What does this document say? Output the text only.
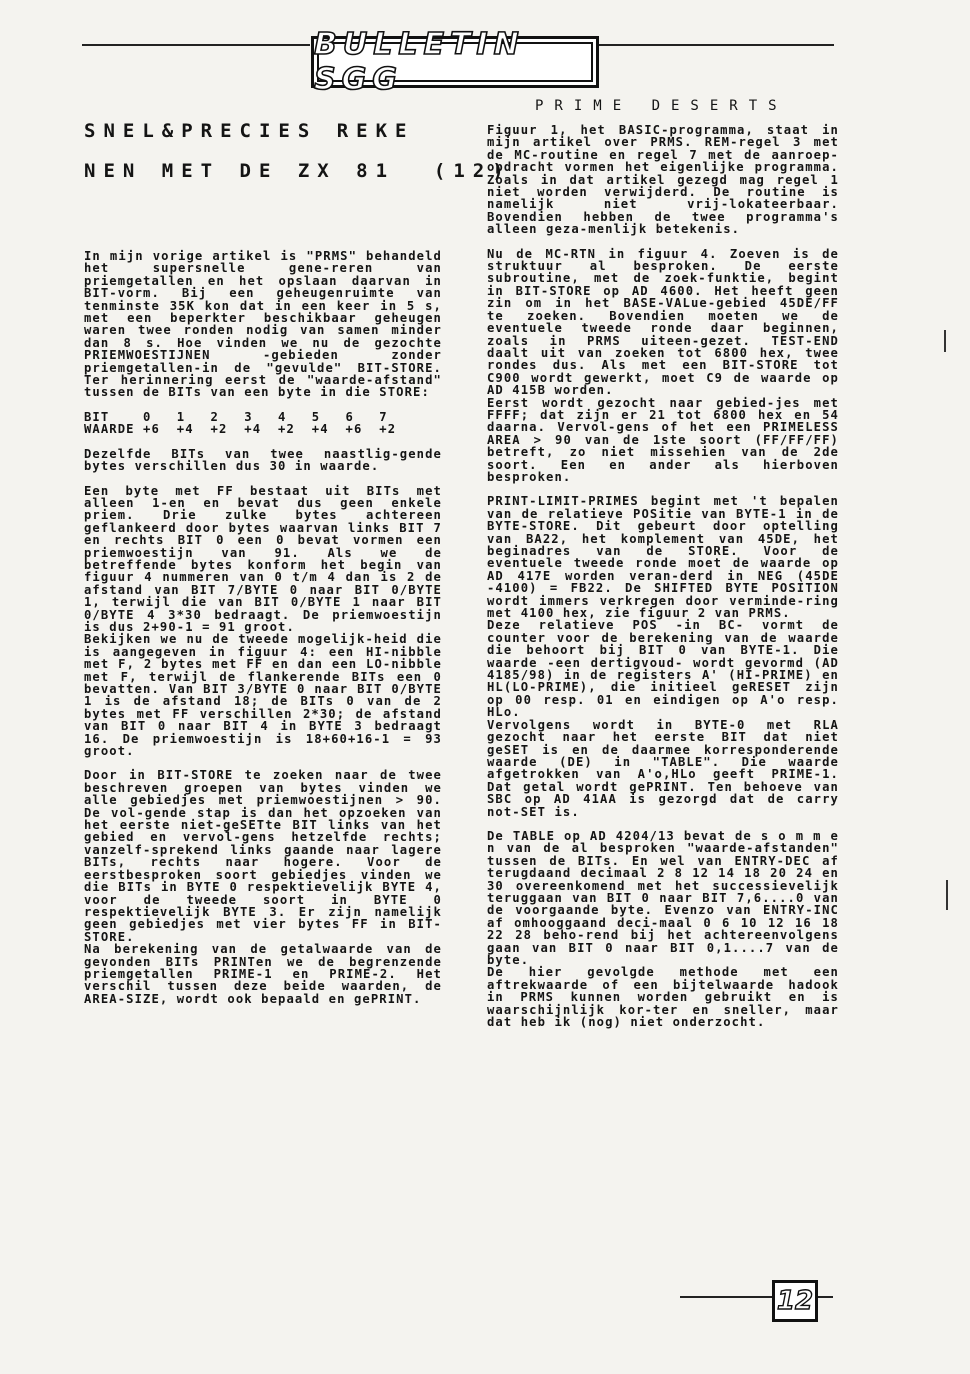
BULLETIN SGG
SNEL&PRECIES REKE
NEN MET DE ZX 81  (12)
PRIME DESERTS

In mijn vorige artikel is "PRMS" behandeld het supersnelle gene-reren van priemgetallen en het opslaan daarvan in BIT-vorm. Bij een geheugenruimte van tenminste 35K kon dat in een keer in 5 s, met een beperkter beschikbaar geheugen waren twee ronden nodig van samen minder dan 8 s. Hoe vinden we nu de gezochte PRIEMWOESTIJNEN -gebieden zonder priemgetallen-in de "gevulde" BIT-STORE. Ter herinnering eerst de "waarde-afstand" tussen de BITs van een byte in die STORE:

BIT    0   1   2   3   4   5   6   7
WAARDE +6  +4  +2  +4  +2  +4  +6  +2

Dezelfde BITs van twee naastlig-gende bytes verschillen dus 30 in waarde.

Een byte met FF bestaat uit BITs met alleen 1-en en bevat dus geen enkele priem. Drie zulke bytes achtereen geflankeerd door bytes waarvan links BIT 7 en rechts BIT 0 een 0 bevat vormen een priemwoestijn van 91. Als we de betreffende bytes konform het begin van figuur 4 nummeren van 0 t/m 4 dan is 2 de afstand van BIT 7/BYTE 0 naar BIT 0/BYTE 1, terwijl die van BIT 0/BYTE 1 naar BIT 0/BYTE 4 3*30 bedraagt. De priemwoestijn is dus 2+90-1 = 91 groot.
Bekijken we nu de tweede mogelijk-heid die is aangegeven in figuur 4: een HI-nibble met F, 2 bytes met FF en dan een LO-nibble met F, terwijl de flankerende BITs een 0 bevatten. Van BIT 3/BYTE 0 naar BIT 0/BYTE 1 is de afstand 18; de BITs 0 van de 2 bytes met FF verschillen 2*30; de afstand van BIT 0 naar BIT 4 in BYTE 3 bedraagt 16. De priemwoestijn is 18+60+16-1 = 93 groot.

Door in BIT-STORE te zoeken naar de twee beschreven groepen van bytes vinden we alle gebiedjes met priemwoestijnen > 90. De vol-gende stap is dan het opzoeken van het eerste niet-geSETte BIT links van het gebied en vervol-gens hetzelfde rechts; vanzelf-sprekend links gaande naar lagere BITs, rechts naar hogere. Voor de eerstbesproken soort gebiedjes vinden we die BITs in BYTE 0 respektievelijk BYTE 4, voor de tweede soort in BYTE 0 respektievelijk BYTE 3. Er zijn namelijk geen gebiedjes met vier bytes FF in BIT-STORE.
Na berekening van de getalwaarde van de gevonden BITs PRINTen we de begrenzende priemgetallen PRIME-1 en PRIME-2. Het verschil tussen deze beide waarden, de AREA-SIZE, wordt ook bepaald en gePRINT.

Figuur 1, het BASIC-programma, staat in mijn artikel over PRMS. REM-regel 3 met de MC-routine en regel 7 met de aanroep-opdracht vormen het eigenlijke programma. Zoals in dat artikel gezegd mag regel 1 niet worden verwijderd. De routine is namelijk niet vrij-lokateerbaar. Bovendien hebben de twee programma's alleen geza-menlijk betekenis.

Nu de MC-RTN in figuur 4. Zoeven is de struktuur al besproken. De eerste subroutine, met de zoek-funktie, begint in BIT-STORE op AD 4600. Het heeft geen zin om in het BASE-VALue-gebied 45DE/FF te zoeken. Bovendien moeten we de eventuele tweede ronde daar beginnen, zoals in PRMS uiteen-gezet. TEST-END daalt uit van zoeken tot 6800 hex, twee rondes dus. Als met een BIT-STORE tot C900 wordt gewerkt, moet C9 de waarde op AD 415B worden.
Eerst wordt gezocht naar gebied-jes met FFFF; dat zijn er 21 tot 6800 hex en 54 daarna. Vervol-gens of het een PRIMELESS AREA > 90 van de 1ste soort (FF/FF/FF) betreft, zo niet missehien van de 2de soort. Een en ander als hierboven besproken.

PRINT-LIMIT-PRIMES begint met 't bepalen van de relatieve POSitie van BYTE-1 in de BYTE-STORE. Dit gebeurt door optelling van BA22, het komplement van 45DE, het beginadres van de STORE. Voor de eventuele tweede ronde moet de waarde op AD 417E worden veran-derd in NEG (45DE -4100) = FB22. De SHIFTED BYTE POSITION wordt immers verkregen door verminde-ring met 4100 hex, zie figuur 2 van PRMS.
Deze relatieve POS -in BC- vormt de counter voor de berekening van de waarde die behoort bij BIT 0 van BYTE-1. Die waarde -een dertigvoud- wordt gevormd (AD 4185/98) in de registers A' (HI-PRIME) en HL(LO-PRIME), die initieel geRESET zijn op 00 resp. 01 en eindigen op A'o resp. HLo.
Vervolgens wordt in BYTE-0 met RLA gezocht naar het eerste BIT dat niet geSET is en de daarmee korresponderende waarde (DE) in "TABLE". Die waarde afgetrokken van A'o,HLo geeft PRIME-1. Dat getal wordt gePRINT. Ten behoeve van SBC op AD 41AA is gezorgd dat de carry not-SET is.

De TABLE op AD 4204/13 bevat de s o m m e n van de al besproken "waarde-afstanden" tussen de BITs. En wel van ENTRY-DEC af terugdaand decimaal 2 8 12 14 18 20 24 en 30 overeenkomend met het successievelijk teruggaan van BIT 0 naar BIT 7,6....0 van de voorgaande byte. Evenzo van ENTRY-INC af omhooggaand deci-maal 0 6 10 12 16 18 22 28 beho-rend bij het achtereenvolgens gaan van BIT 0 naar BIT 0,1....7 van de byte.
De hier gevolgde methode met een aftrekwaarde of een bijtelwaarde hadook in PRMS kunnen worden gebruikt en is waarschijnlijk kor-ter en sneller, maar dat heb ik (nog) niet onderzocht.

12
